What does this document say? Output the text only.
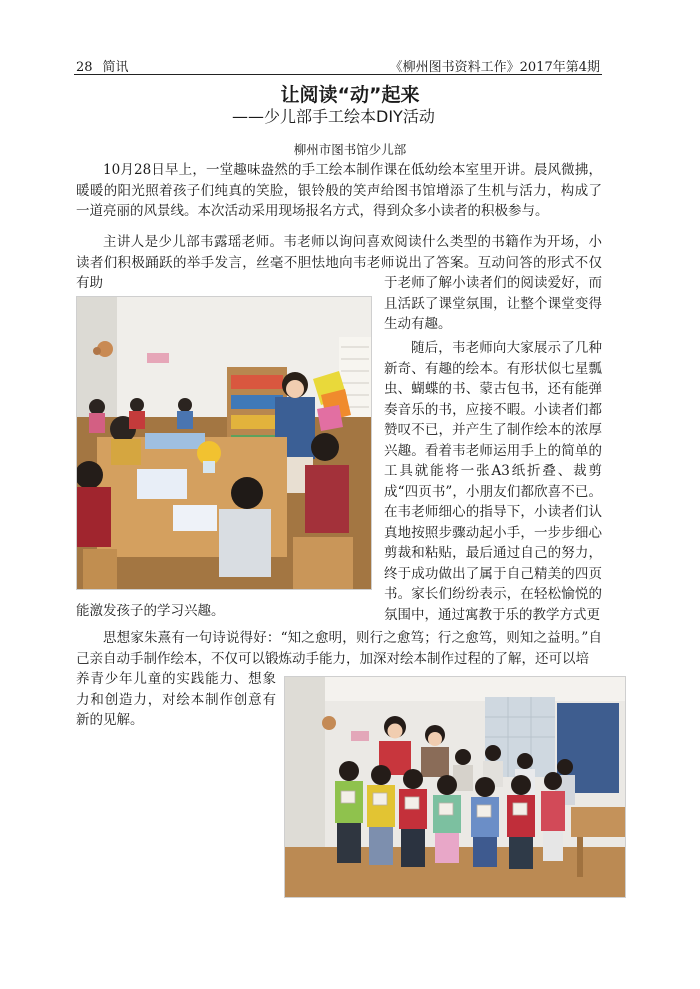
28 简讯	《柳州图书资料工作》2017年第4期
让阅读“动”起来
——少儿部手工绘本DIY活动
柳州市图书馆少儿部

10月28日早上，一堂趣味盎然的手工绘本制作课在低幼绘本室里开讲。晨风微拂，暖暖的阳光照着孩子们纯真的笑脸，银铃般的笑声给图书馆增添了生机与活力，构成了一道亮丽的风景线。本次活动采用现场报名方式，得到众多小读者的积极参与。

主讲人是少儿部韦露瑶老师。韦老师以询问喜欢阅读什么类型的书籍作为开场，小读者们积极踊跃的举手发言，丝毫不胆怯地向韦老师说出了答案。互动问答的形式不仅有助	于老师了解小读者们的阅读爱好，而且活跃了课堂氛围，让整个课堂变得生动有趣。

随后，韦老师向大家展示了几种新奇、有趣的绘本。有形状似七星瓢虫、蝴蝶的书、蒙古包书，还有能弹奏音乐的书，应接不暇。小读者们都赞叹不已，并产生了制作绘本的浓厚兴趣。看着韦老师运用手上的简单的工具就能将一张A3纸折叠、裁剪成“四页书”，小朋友们都欣喜不已。在韦老师细心的指导下，小读者们认真地按照步骤动起小手，一步步细心剪裁和粘贴，最后通过自己的努力，终于成功做出了属于自己精美的四页书。家长们纷纷表示，在轻松愉悦的氛围中，通过寓教于乐的教学方式更

能激发孩子的学习兴趣。

思想家朱熹有一句诗说得好：“知之愈明，则行之愈笃；行之愈笃，则知之益明。”自己亲自动手制作绘本，不仅可以锻炼动手能力，加深对绘本制作过程的了解，还可以培

养青少年儿童的实践能力、想象力和创造力，对绘本制作创意有新的见解。
